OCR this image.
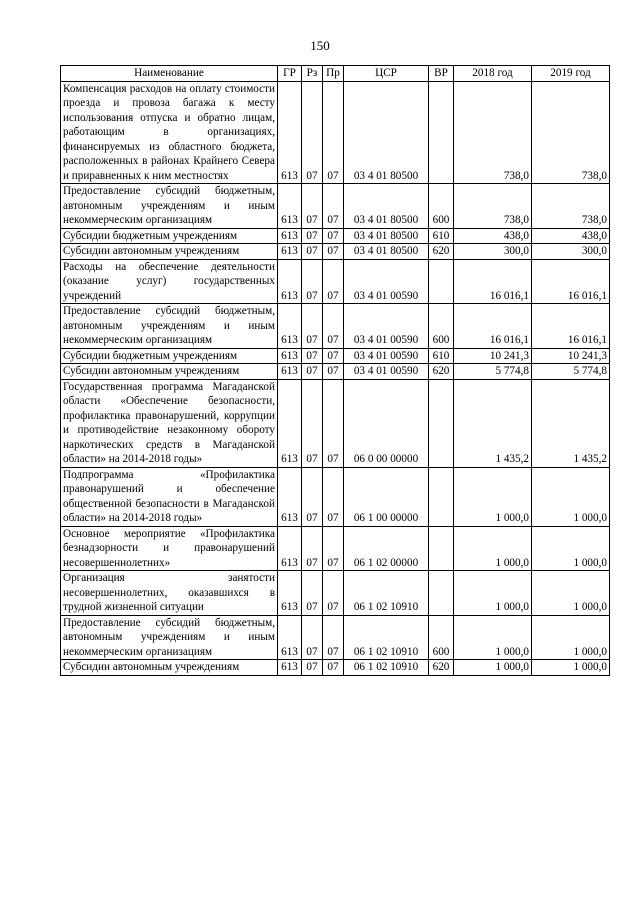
150
Наименование	ГР	Рз	Пр	ЦСР	ВР	2018 год	2019 год
Компенсация расходов на оплату стоимости проезда и провоза багажа к месту использования отпуска и обратно лицам, работающим в организациях, финансируемых из областного бюджета, расположенных в районах Крайнего Севера и приравненных к ним местностях	613	07	07	03 4 01 80500		738,0	738,0
Предоставление субсидий бюджетным, автономным учреждениям и иным некоммерческим организациям	613	07	07	03 4 01 80500	600	738,0	738,0
Субсидии бюджетным учреждениям	613	07	07	03 4 01 80500	610	438,0	438,0
Субсидии автономным учреждениям	613	07	07	03 4 01 80500	620	300,0	300,0
Расходы на обеспечение деятельности (оказание услуг) государственных учреждений	613	07	07	03 4 01 00590		16 016,1	16 016,1
Предоставление субсидий бюджетным, автономным учреждениям и иным некоммерческим организациям	613	07	07	03 4 01 00590	600	16 016,1	16 016,1
Субсидии бюджетным учреждениям	613	07	07	03 4 01 00590	610	10 241,3	10 241,3
Субсидии автономным учреждениям	613	07	07	03 4 01 00590	620	5 774,8	5 774,8
Государственная программа Магаданской области «Обеспечение безопасности, профилактика правонарушений, коррупции и противодействие незаконному обороту наркотических средств в Магаданской области» на 2014-2018 годы»	613	07	07	06 0 00 00000		1 435,2	1 435,2
Подпрограмма «Профилактика правонарушений и обеспечение общественной безопасности в Магаданской области» на 2014-2018 годы»	613	07	07	06 1 00 00000		1 000,0	1 000,0
Основное мероприятие «Профилактика безнадзорности и правонарушений несовершеннолетних»	613	07	07	06 1 02 00000		1 000,0	1 000,0
Организация занятости несовершеннолетних, оказавшихся в трудной жизненной ситуации	613	07	07	06 1 02 10910		1 000,0	1 000,0
Предоставление субсидий бюджетным, автономным учреждениям и иным некоммерческим организациям	613	07	07	06 1 02 10910	600	1 000,0	1 000,0
Субсидии автономным учреждениям	613	07	07	06 1 02 10910	620	1 000,0	1 000,0
